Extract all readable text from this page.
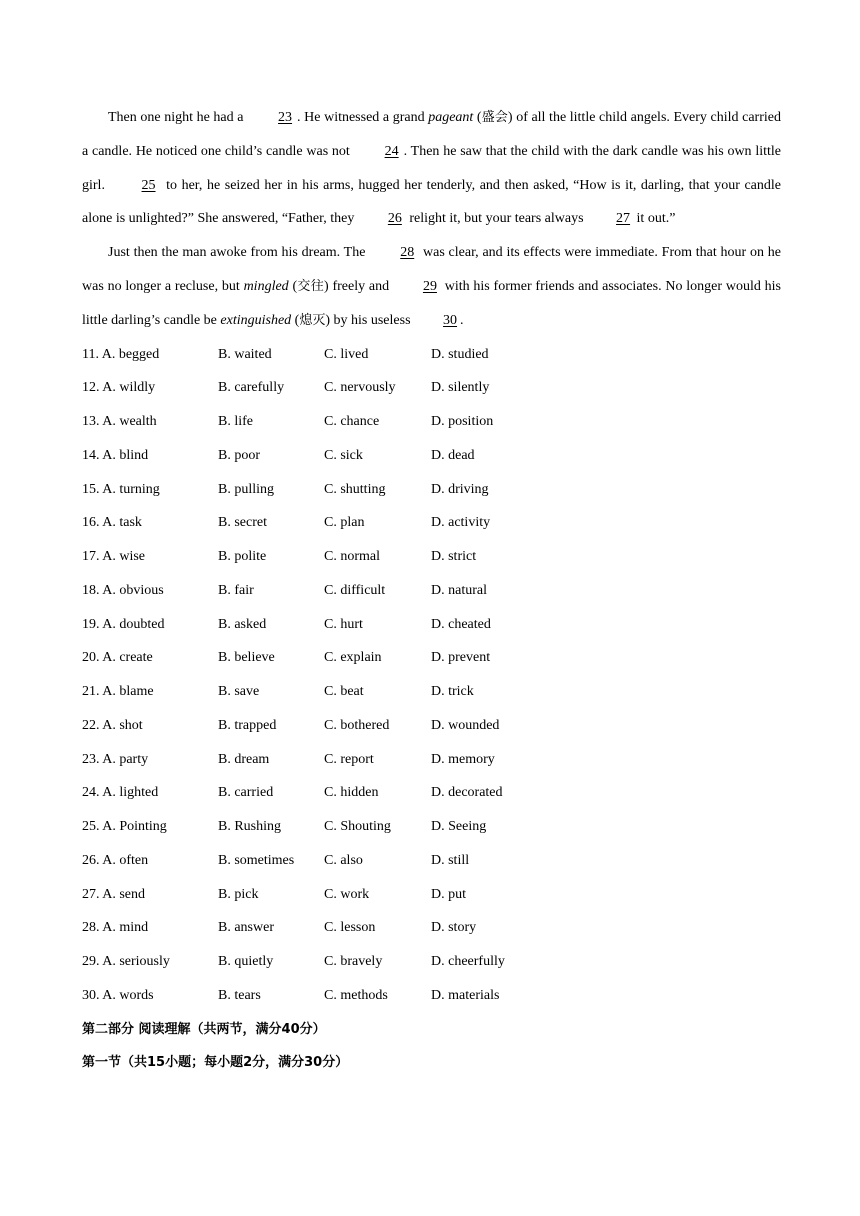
Then one night he had a 23 . He witnessed a grand pageant (盛会) of all the little child angels. Every child carried a candle. He noticed one child’s candle was not 24 . Then he saw that the child with the dark candle was his own little girl. 25 to her, he seized her in his arms, hugged her tenderly, and then asked, “How is it, darling, that your candle alone is unlighted?” She answered, “Father, they 26 relight it, but your tears always 27 it out.”

Just then the man awoke from his dream. The 28 was clear, and its effects were immediate. From that hour on he was no longer a recluse, but mingled (交往) freely and 29 with his former friends and associates. No longer would his little darling’s candle be extinguished (熄灭) by his useless 30 .

11. A. begged	B. waited	C. lived	D. studied
12. A. wildly	B. carefully	C. nervously	D. silently
13. A. wealth	B. life	C. chance	D. position
14. A. blind	B. poor	C. sick	D. dead
15. A. turning	B. pulling	C. shutting	D. driving
16. A. task	B. secret	C. plan	D. activity
17. A. wise	B. polite	C. normal	D. strict
18. A. obvious	B. fair	C. difficult	D. natural
19. A. doubted	B. asked	C. hurt	D. cheated
20. A. create	B. believe	C. explain	D. prevent
21. A. blame	B. save	C. beat	D. trick
22. A. shot	B. trapped	C. bothered	D. wounded
23. A. party	B. dream	C. report	D. memory
24. A. lighted	B. carried	C. hidden	D. decorated
25. A. Pointing	B. Rushing	C. Shouting	D. Seeing
26. A. often	B. sometimes C. also	D. still
27. A. send	B. pick	C. work	D. put
28. A. mind	B. answer	C. lesson	D. story
29. A. seriously	B. quietly	C. bravely	D. cheerfully
30. A. words	B. tears	C. methods	D. materials
第二部分 阅读理解（共两节，满分40分）
第一节（共15小题；每小题2分，满分30分）
